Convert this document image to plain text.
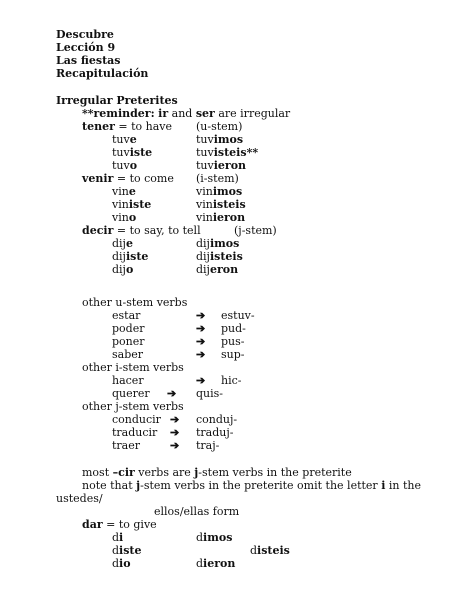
Descubre
Lección 9
Las fiestas
Recapitulación
Irregular Preterites
**reminder: ir and ser are irregular
tener = to have (u-stem)
tuve	tuvimos
tuviste	tuvisteis**
tuvo	tuvieron
venir = to come (i-stem)
vine	vinimos
viniste	vinisteis
vino	vinieron
decir = to say, to tell	(j-stem)
dije	dijimos
dijiste	dijisteis
dijo	dijeron
other u-stem verbs
estar	➔ estuv-
poder	➔ pud-
poner	➔ pus-
saber	➔ sup-
other i-stem verbs
hacer	➔ hic-
querer ➔ quis-
other j-stem verbs
conducir ➔ conduj-
traducir ➔ traduj-
traer	➔ traj-
most –cir verbs are j-stem verbs in the preterite
note that j-stem verbs in the preterite omit the letter i in the
ustedes/
ellos/ellas form
dar = to give
di	dimos
diste	disteis
dio	dieron
